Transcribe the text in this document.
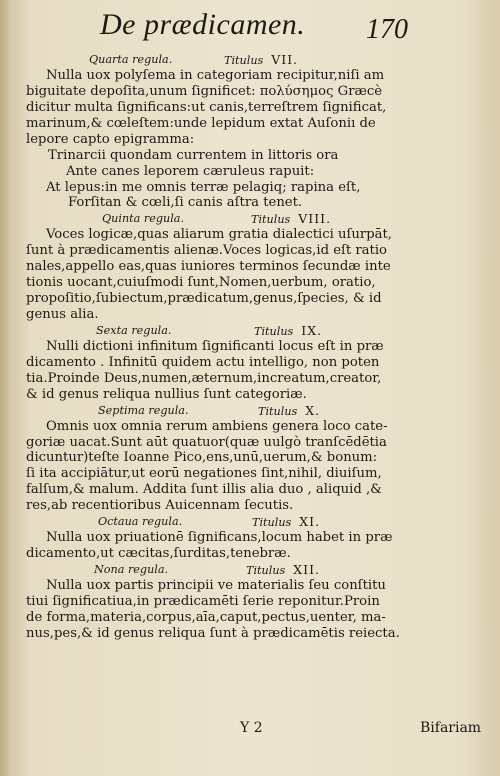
De prædicamen. 170
Quarta regula.	Titulus VII.
Nulla uox polyſema in categoriam recipitur,niſi am
biguitate depoſita,unum ſignificet: πολύσημος Græcè
dicitur multa ſignificans:ut canis,terreſtrem ſignificat,
marinum,& cœleſtem:unde lepidum extat Auſoniı de
lepore capto epigramma:
Trinarcii quondam currentem in littoris ora
Ante canes leporem cæruleus rapuit:
At lepus:in me omnis terræ pelagiq; rapina eſt,
Forſitan & cœli,ſi canis aſtra tenet.
Quinta regula.	Titulus VIII.
Voces logicæ,quas aliarum gratia dialectici uſurpāt,
ſunt à prædicamentis alienæ.Voces logicas,id eſt ratio
nales,appello eas,quas iuniores terminos ſecundæ inte
tionis uocant,cuiuſmodi ſunt,Nomen,uerbum, oratio,
propoſitio,ſubiectum,prædicatum,genus,ſpecies, & id
genus alia.
Sexta regula.	Titulus IX.
Nulli dictioni infinitum ſignificanti locus eſt in præ
dicamento . Infinitū quidem actu intelligo, non poten
tia.Proinde Deus,numen,æternum,increatum,creator,
& id genus reliqua nullius ſunt categoriæ.
Septima regula.	Titulus X.
Omnis uox omnia rerum ambiens genera loco cate-
goriæ uacat.Sunt aūt quatuor(quæ uulgò tranſcēdētia
dicuntur)teſte Ioanne Pico,ens,unū,uerum,& bonum:
ſi ita accipiātur,ut eorū negationes ſint,nihil, diuiſum,
falſum,& malum. Addita ſunt illis alia duo , aliquid ,&
res,ab recentioribus Auicennam ſecutis.
Octaua regula.	Titulus XI.
Nulla uox priuationē ſignificans,locum habet in præ
dicamento,ut cæcitas,ſurditas,tenebræ.
Nona regula.	Titulus XII.
Nulla uox partis principii ve materialis ſeu conſtitu
tiui ſignificatiua,in prædicamēti ſerie reponitur.Proin
de forma,materia,corpus,aīa,caput,pectus,uenter, ma-
nus,pes,& id genus reliqua ſunt à prædicamētis reiecta.
Y 2	Bifariam
